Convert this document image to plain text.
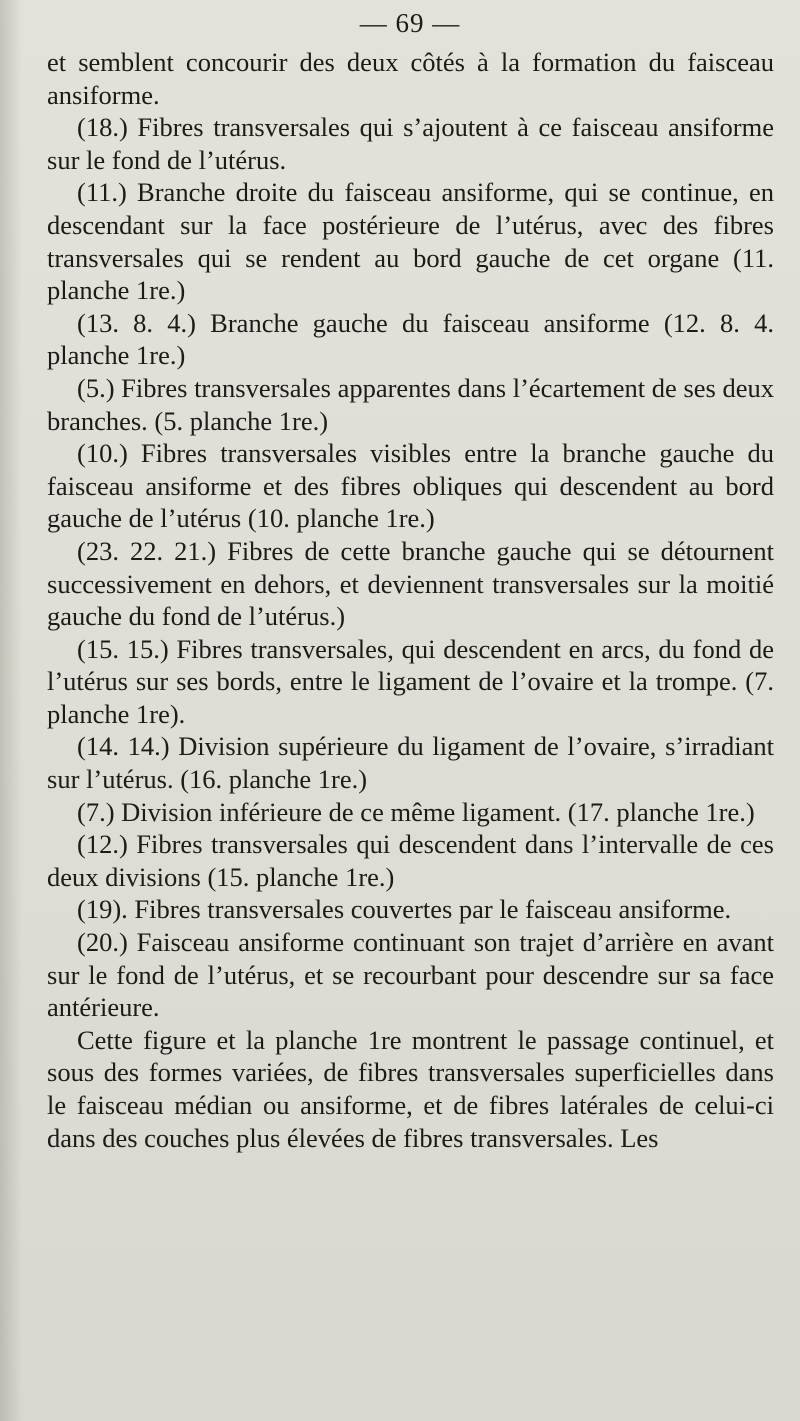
— 69 —

et semblent concourir des deux côtés à la formation du faisceau ansiforme.

(18.) Fibres transversales qui s’ajoutent à ce faisceau ansiforme sur le fond de l’utérus.

(11.) Branche droite du faisceau ansiforme, qui se continue, en descendant sur la face postérieure de l’utérus, avec des fibres transversales qui se rendent au bord gauche de cet organe (11. planche 1re.)

(13. 8. 4.) Branche gauche du faisceau ansiforme (12. 8. 4. planche 1re.)

(5.) Fibres transversales apparentes dans l’écartement de ses deux branches. (5. planche 1re.)

(10.) Fibres transversales visibles entre la branche gauche du faisceau ansiforme et des fibres obliques qui descendent au bord gauche de l’utérus (10. planche 1re.)

(23. 22. 21.) Fibres de cette branche gauche qui se détournent successivement en dehors, et deviennent transversales sur la moitié gauche du fond de l’utérus.)

(15. 15.) Fibres transversales, qui descendent en arcs, du fond de l’utérus sur ses bords, entre le ligament de l’ovaire et la trompe. (7. planche 1re).

(14. 14.) Division supérieure du ligament de l’ovaire, s’irradiant sur l’utérus. (16. planche 1re.)

(7.) Division inférieure de ce même ligament. (17. planche 1re.)

(12.) Fibres transversales qui descendent dans l’intervalle de ces deux divisions (15. planche 1re.)

(19). Fibres transversales couvertes par le faisceau ansiforme.

(20.) Faisceau ansiforme continuant son trajet d’arrière en avant sur le fond de l’utérus, et se recourbant pour descendre sur sa face antérieure.

Cette figure et la planche 1re montrent le passage continuel, et sous des formes variées, de fibres transversales superficielles dans le faisceau médian ou ansiforme, et de fibres latérales de celui-ci dans des couches plus élevées de fibres transversales. Les
